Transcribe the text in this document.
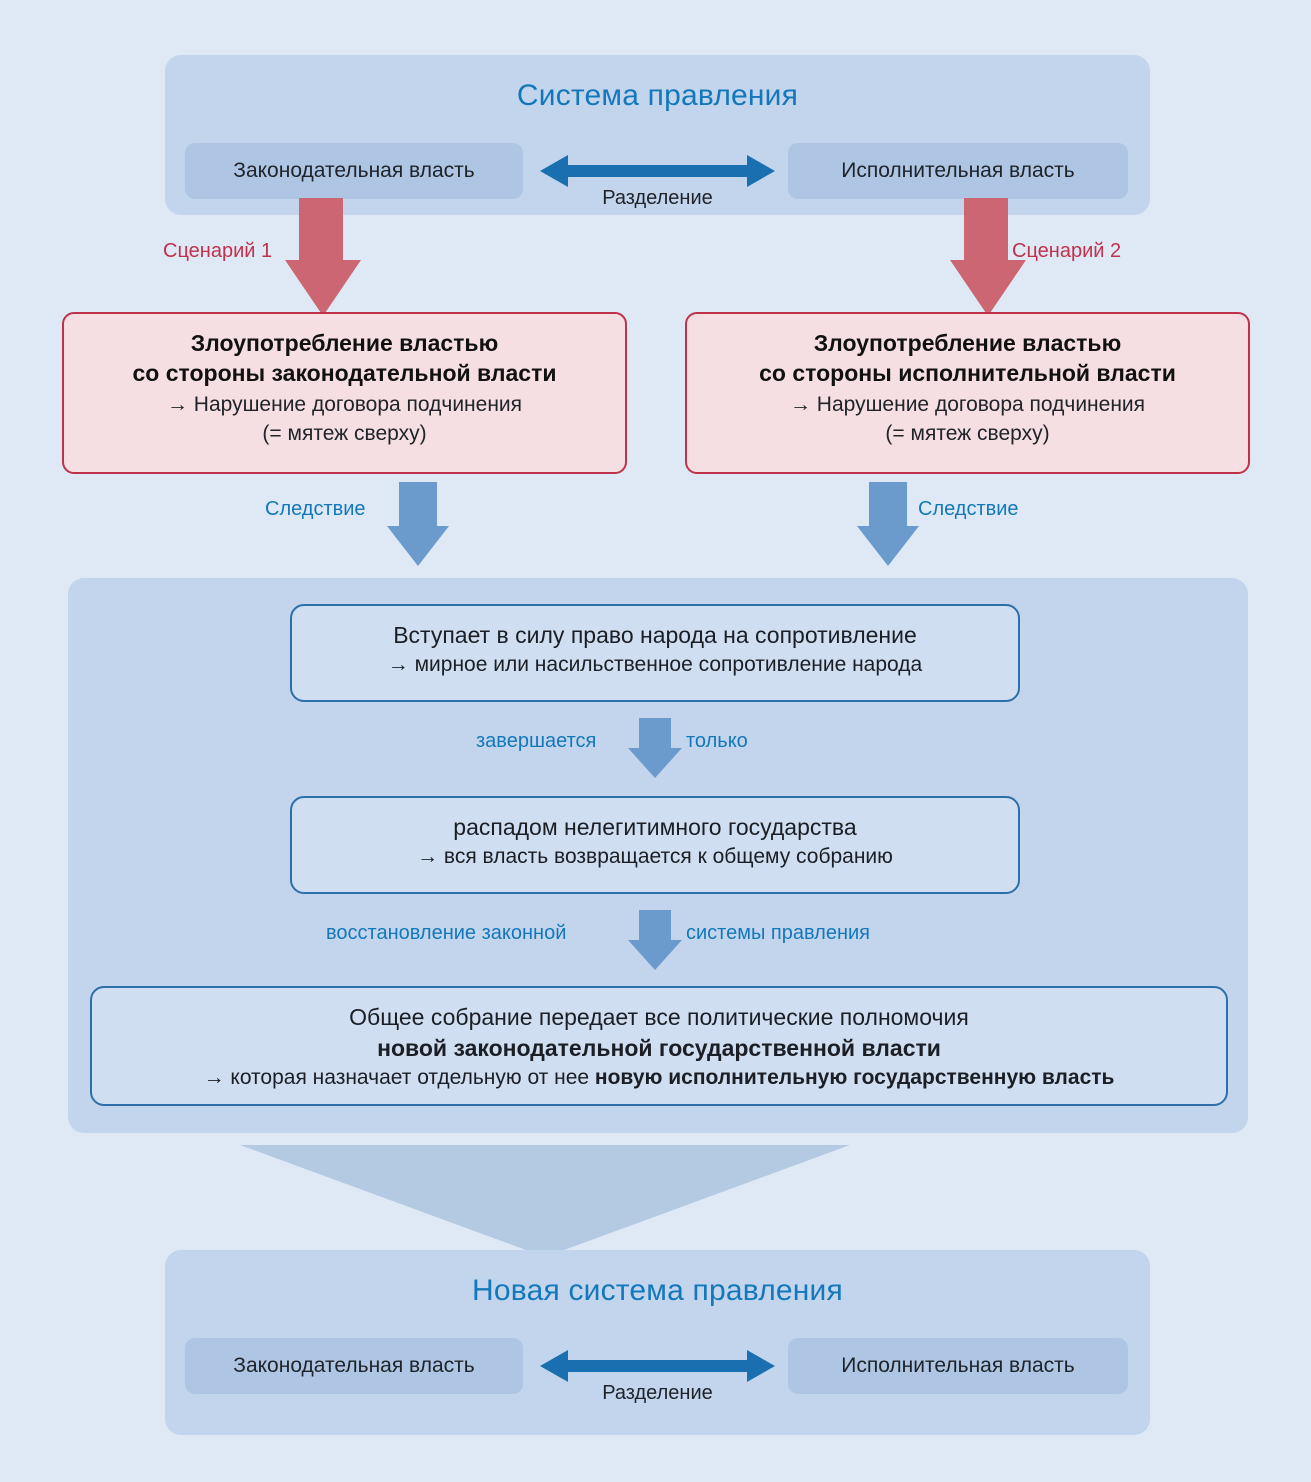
Система правления
Законодательная власть	Исполнительная власть
Разделение
Сценарий 1	Сценарий 2
Злоупотребление властью
со стороны законодательной власти
→ Нарушение договора подчинения
(= мятеж сверху)
Злоупотребление властью
со стороны исполнительной власти
→ Нарушение договора подчинения
(= мятеж сверху)
Следствие	Следствие
Вступает в силу право народа на сопротивление
→ мирное или насильственное сопротивление народа
завершается	только
распадом нелегитимного государства
→ вся власть возвращается к общему собранию
восстановление законной	системы правления
Общее собрание передает все политические полномочия
новой законодательной государственной власти
→ которая назначает отдельную от нее новую исполнительную государственную власть
Новая система правления
Законодательная власть	Исполнительная власть
Разделение
